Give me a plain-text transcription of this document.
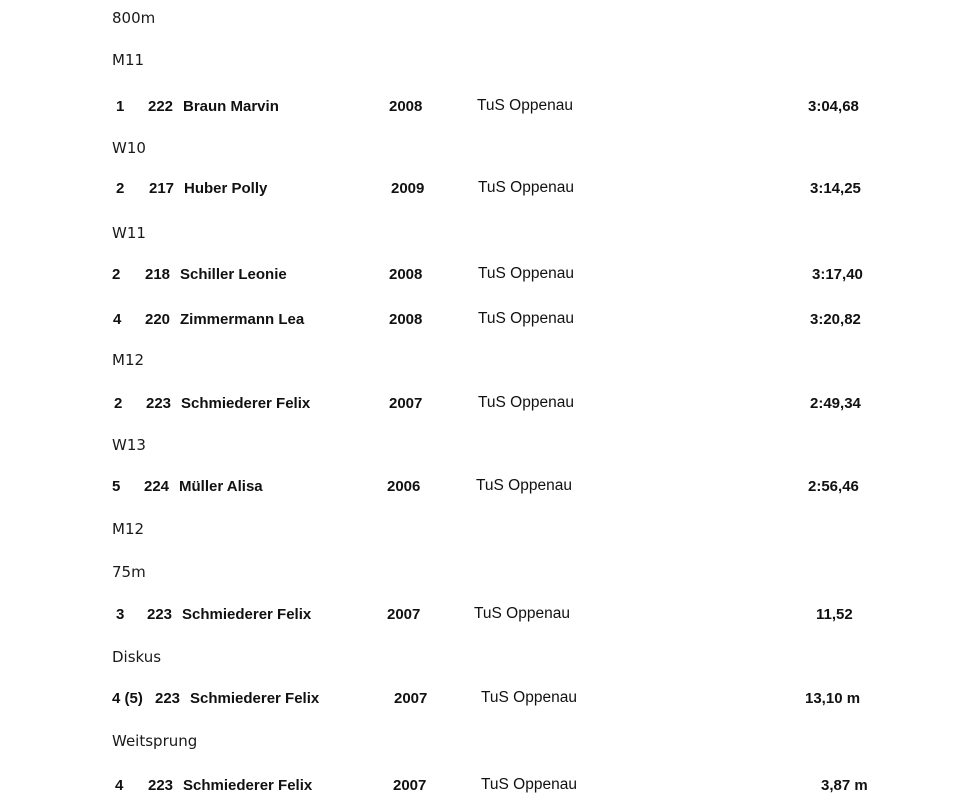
800m
M11
W10
W11
M12
W13
M12
75m
Diskus
Weitsprung
1 222 Braun Marvin	2008	TuS Oppenau	3:04,68
2 217 Huber Polly	2009	TuS Oppenau	3:14,25
2 218 Schiller Leonie	2008	TuS Oppenau	3:17,40
4 220 Zimmermann Lea	2008	TuS Oppenau	3:20,82
2 223 Schmiederer Felix	2007	TuS Oppenau	2:49,34
5 224 Müller Alisa	2006	TuS Oppenau	2:56,46
3 223 Schmiederer Felix	2007	TuS Oppenau	11,52
4 (5) 223 Schmiederer Felix	2007	TuS Oppenau	13,10 m
4 223 Schmiederer Felix	2007	TuS Oppenau	3,87 m
